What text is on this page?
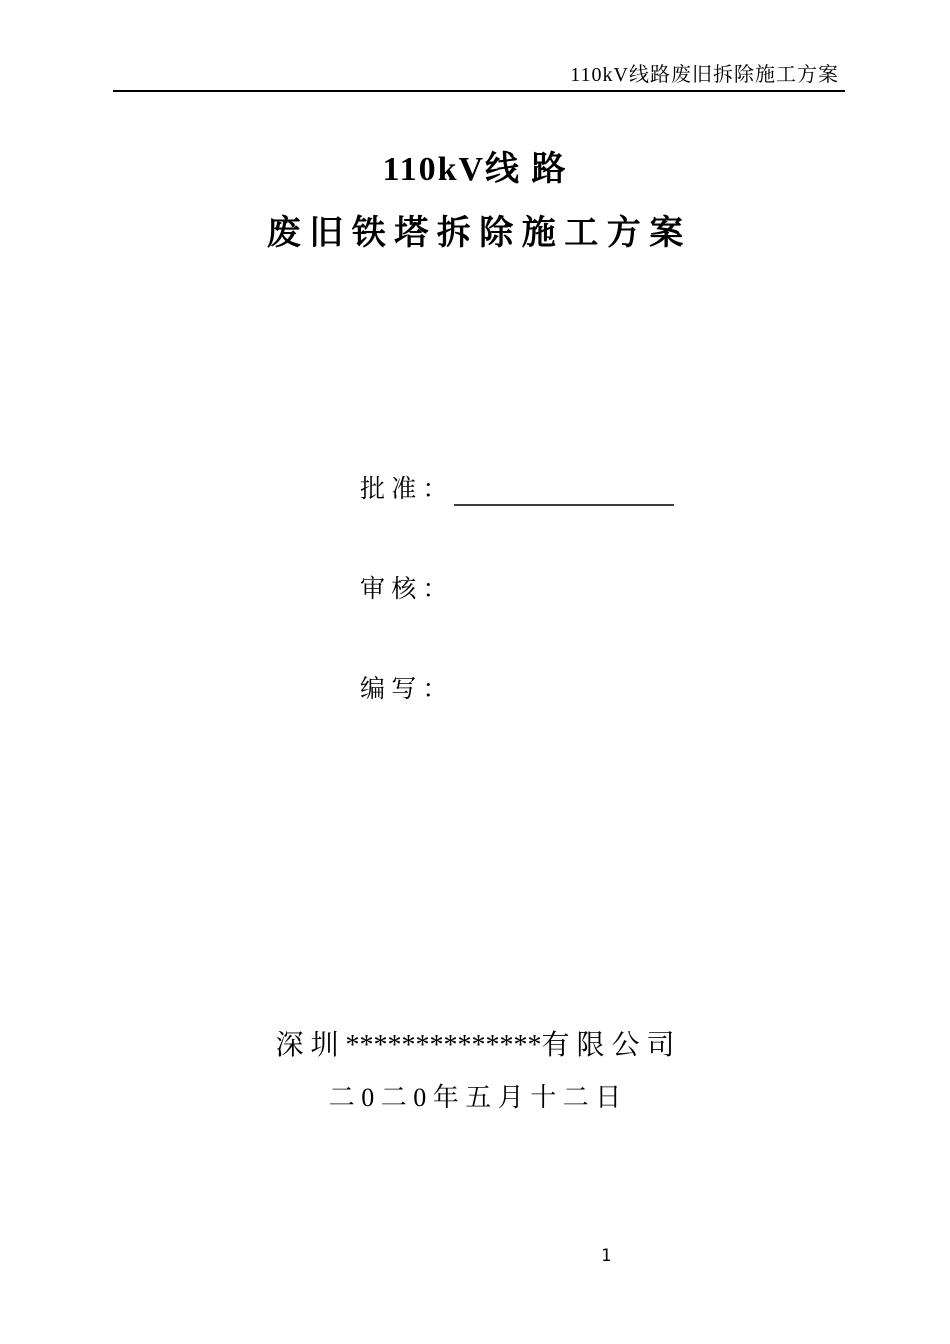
110kV线路废旧拆除施工方案
110kV线 路
废 旧 铁 塔 拆 除 施 工 方 案
批 准 ：
审 核 ：
编 写 ：
深 圳 **************有 限 公 司
二 0 二 0 年 五 月 十 二 日
1
